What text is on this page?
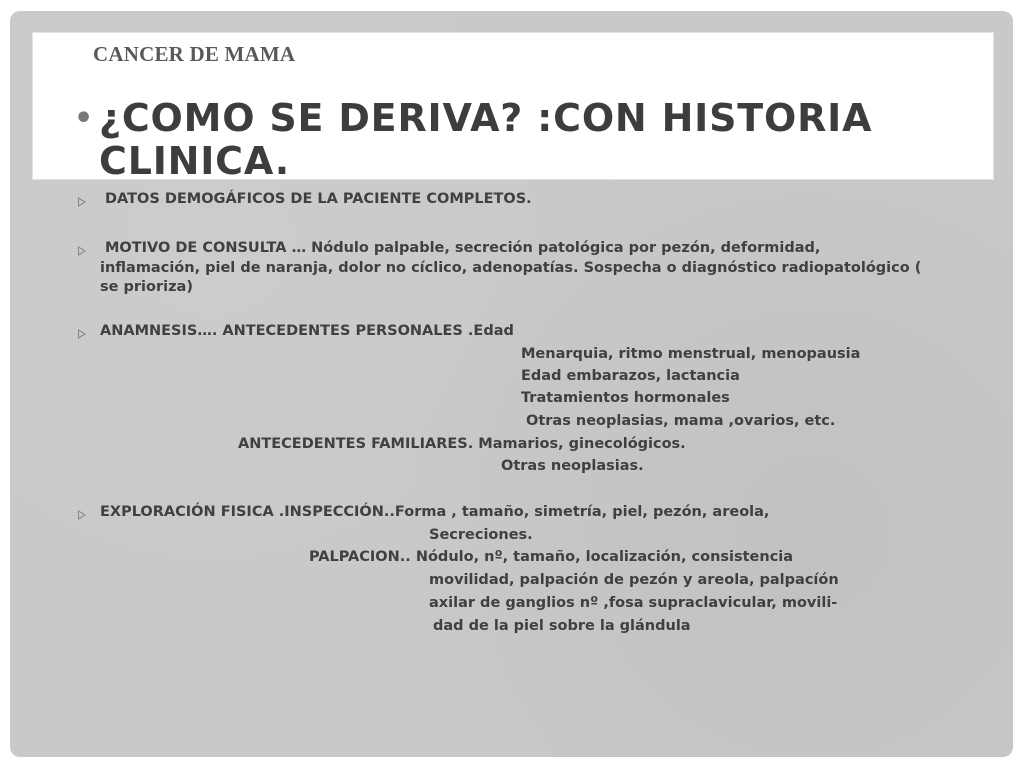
CANCER DE MAMA

• ¿COMO SE DERIVA? :CON HISTORIA CLINICA.

DATOS DEMOGÁFICOS DE LA PACIENTE COMPLETOS.

MOTIVO DE CONSULTA … Nódulo palpable, secreción patológica por pezón, deformidad,

inflamación, piel de naranja, dolor no cíclico, adenopatías. Sospecha o diagnóstico radiopatológico (

se prioriza)

ANAMNESIS…. ANTECEDENTES PERSONALES .Edad

Menarquia, ritmo menstrual, menopausia

Edad embarazos, lactancia

Tratamientos hormonales

Otras neoplasias, mama ,ovarios, etc.

ANTECEDENTES FAMILIARES. Mamarios, ginecológicos.

Otras neoplasias.

EXPLORACIÓN FISICA .INSPECCIÓN..Forma , tamaño, simetría, piel, pezón, areola,

Secreciones.

PALPACION.. Nódulo, nº, tamaño, localización, consistencia

movilidad, palpación de pezón y areola, palpacíón

axilar de ganglios nº ,fosa supraclavicular, movili-

dad de la piel sobre la glándula
